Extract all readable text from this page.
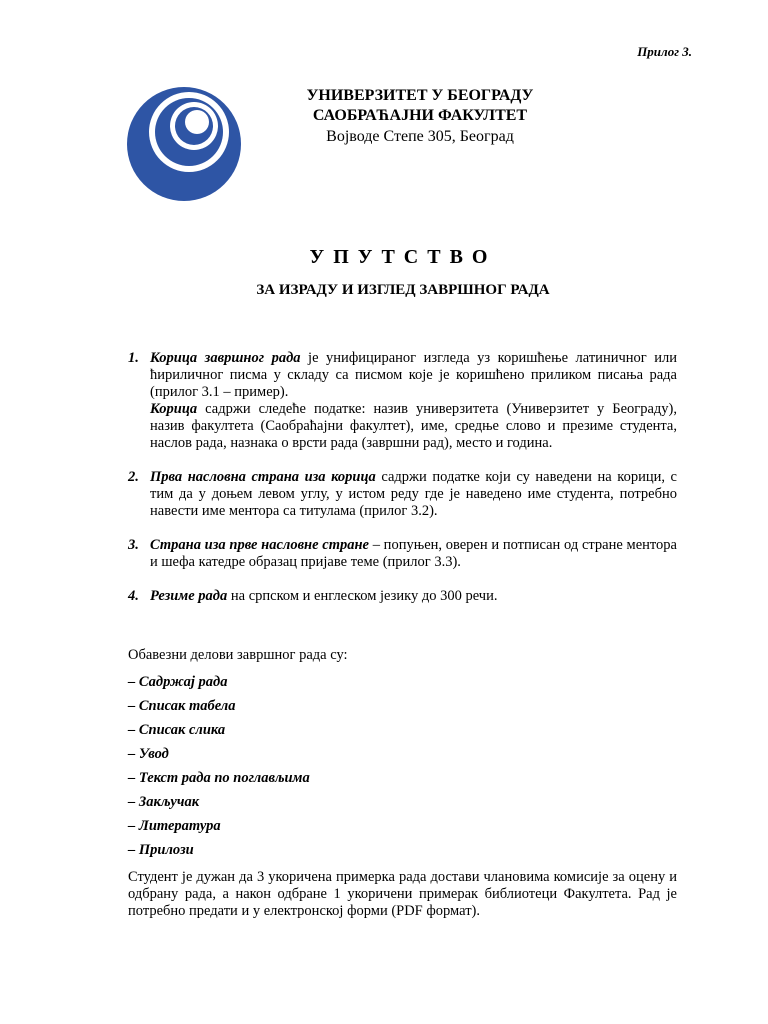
Прилог 3.
УНИВЕРЗИТЕТ У БЕОГРАДУ
САОБРАЋАЈНИ ФАКУЛТЕТ
Војводе Степе 305, Београд
УПУТСТВО
ЗА ИЗРАДУ И ИЗГЛЕД ЗАВРШНОГ РАДА
1. Корица завршног рада је унифицираног изгледа уз коришћење латиничног или ћириличног писма у складу са писмом које је коришћено приликом писања рада (прилог 3.1 – пример).
Корица садржи следеће податке: назив универзитета (Универзитет у Београду), назив факултета (Саобраћајни факултет), име, средње слово и презиме студента, наслов рада, назнака о врсти рада (завршни рад), место и година.
2. Прва насловна страна иза корица садржи податке који су наведени на корици, с тим да у доњем левом углу, у истом реду где је наведено име студента, потребно навести име ментора са титулама (прилог 3.2).
3. Страна иза прве насловне стране – попуњен, оверен и потписан од стране ментора и шефа катедре образац пријаве теме (прилог 3.3).
4. Резиме рада на српском и енглеском језику до 300 речи.
Обавезни делови завршног рада су:
– Садржај рада
– Списак табела
– Списак слика
– Увод
– Текст рада по поглављима
– Закључак
– Литература
– Прилози
Студент је дужан да 3 укоричена примерка рада достави члановима комисије за оцену и одбрану рада, а након одбране 1 укоричени примерак библиотеци Факултета. Рад је потребно предати и у електронској форми (PDF формат).
